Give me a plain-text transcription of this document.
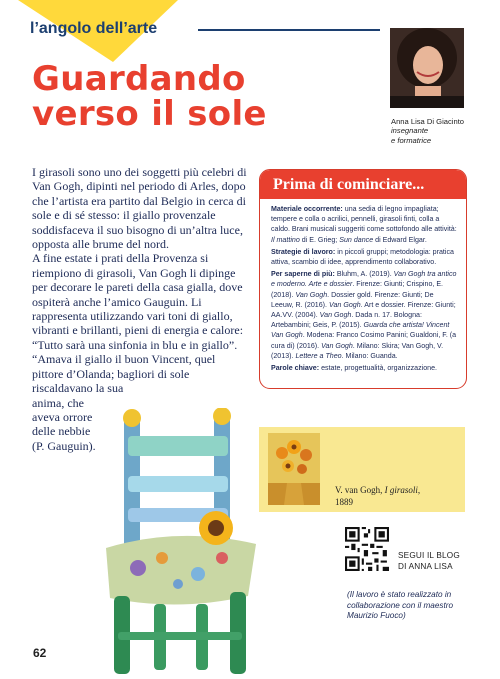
l’angolo dell’arte
Guardando
verso il sole	Anna Lisa Di Giacinto
insegnante
e formatrice

I girasoli sono uno dei soggetti più celebri di Van Gogh, dipinti nel periodo di Arles, dopo che l’artista era partito dal Belgio in cerca di sole e di sé stesso: il giallo provenzale soddisfaceva il suo bisogno di un’altra luce, opposta alle brume del nord.

A fine estate i prati della Provenza si riempiono di girasoli, Van Gogh li dipinge per decorare le pareti della casa gialla, dove ospiterà anche l’amico Gauguin. Li rappresenta utilizzando vari toni di giallo, vibranti e brillanti, pieni di energia e calore: “Tutto sarà una sinfonia in blu e in giallo”.

“Amava il giallo il buon Vincent, quel
pittore d’Olanda; bagliori di sole
riscaldavano la sua
anima, che
aveva orrore
delle nebbie
(P. Gauguin).
Prima di cominciare...
Materiale occorrente: una sedia di legno impagliata; tempere e colla o acrilici, pennelli, girasoli finti, colla a caldo. Brani musicali suggeriti come sottofondo alle attività: Il mattino di E. Grieg; Sun dance di Edward Elgar.
Strategie di lavoro: in piccoli gruppi; metodologia: pratica attiva, scambio di idee, apprendimento collaborativo.
Per saperne di più: Bluhm, A. (2019). Van Gogh tra antico e moderno. Arte e dossier. Firenze: Giunti; Crispino, E. (2018). Van Gogh. Dossier gold. Firenze: Giunti; De Leeuw, R. (2016). Van Gogh. Art e dossier. Firenze: Giunti; AA.VV. (2004). Van Gogh. Dada n. 17. Bologna: Artebambini; Geis, P. (2015). Guarda che artista! Vincent Van Gogh. Modena: Franco Cosimo Panini; Gualdoni, F. (a cura di) (2016). Van Gogh. Milano: Skira; Van Gogh, V. (2013). Lettere a Theo. Milano: Guanda.
Parole chiave: estate, progettualità, organizzazione.
V. van Gogh, I girasoli,
1889
SEGUI IL BLOG
DI ANNA LISA
(Il lavoro è stato realizzato in collaborazione con il maestro Maurizio Fuoco)
62
